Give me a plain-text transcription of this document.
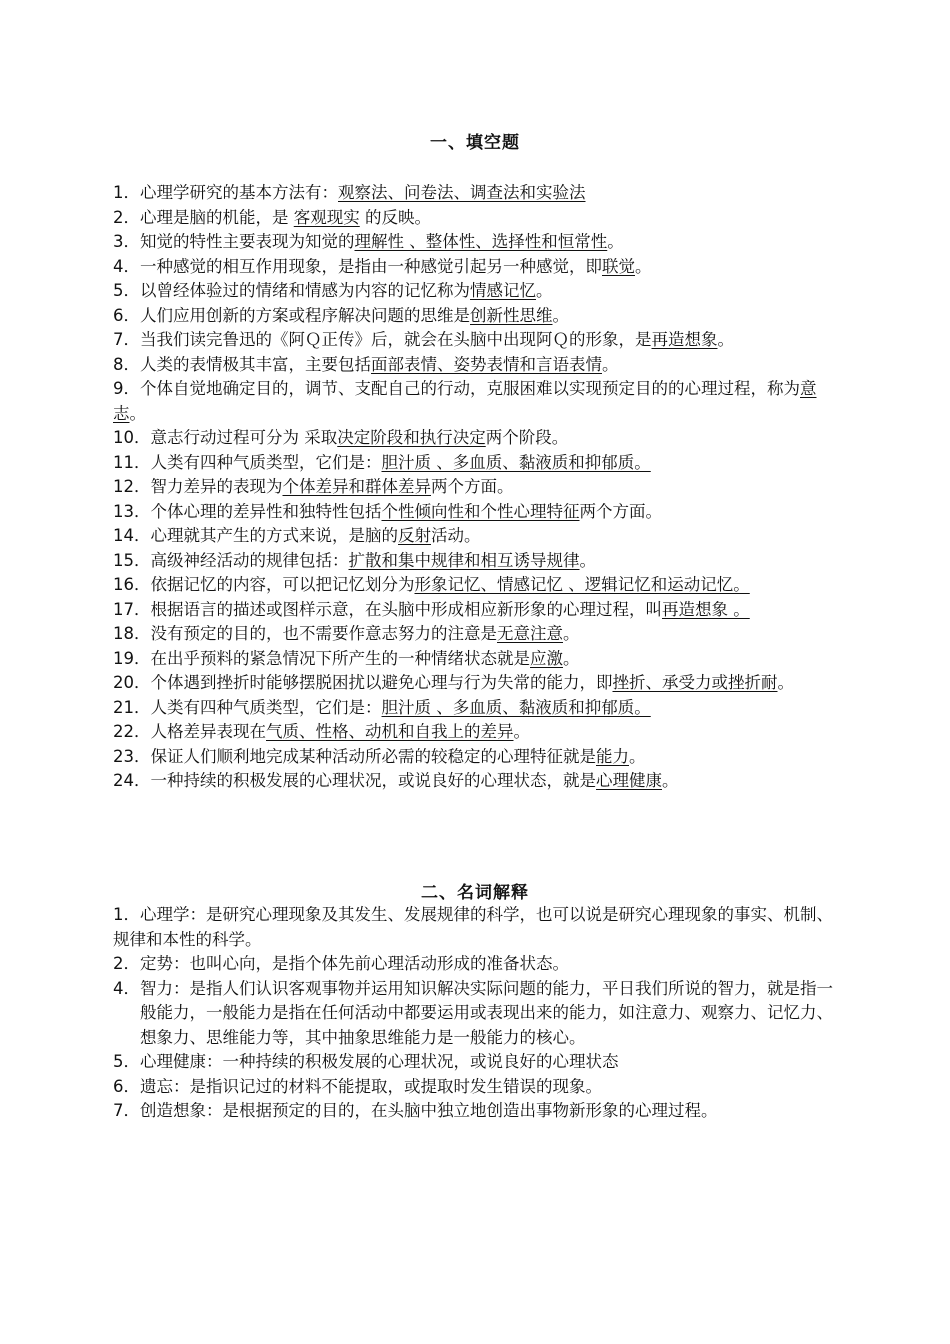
一、填空题
1．心理学研究的基本方法有：观察法、问卷法、调查法和实验法
2．心理是脑的机能，是 客观现实 的反映。
3．知觉的特性主要表现为知觉的理解性 、整体性、选择性和恒常性。
4．一种感觉的相互作用现象，是指由一种感觉引起另一种感觉，即联觉。
5．以曾经体验过的情绪和情感为内容的记忆称为情感记忆。
6．人们应用创新的方案或程序解决问题的思维是创新性思维。
7．当我们读完鲁迅的《阿Ｑ正传》后，就会在头脑中出现阿Ｑ的形象，是再造想象。
8．人类的表情极其丰富，主要包括面部表情、姿势表情和言语表情。
9．个体自觉地确定目的，调节、支配自己的行动，克服困难以实现预定目的的心理过程，称为意志。
10．意志行动过程可分为 采取决定阶段和执行决定两个阶段。
11．人类有四种气质类型，它们是：胆汁质 、多血质、黏液质和抑郁质。
12．智力差异的表现为个体差异和群体差异两个方面。
13．个体心理的差异性和独特性包括个性倾向性和个性心理特征两个方面。
14．心理就其产生的方式来说，是脑的反射活动。
15．高级神经活动的规律包括：扩散和集中规律和相互诱导规律。
16．依据记忆的内容，可以把记忆划分为形象记忆、情感记忆 、逻辑记忆和运动记忆。
17．根据语言的描述或图样示意，在头脑中形成相应新形象的心理过程，叫再造想象 。
18．没有预定的目的，也不需要作意志努力的注意是无意注意。
19．在出乎预料的紧急情况下所产生的一种情绪状态就是应激。
20．个体遇到挫折时能够摆脱困扰以避免心理与行为失常的能力，即挫折、承受力或挫折耐。
21．人类有四种气质类型，它们是：胆汁质 、多血质、黏液质和抑郁质。
22．人格差异表现在气质、性格、动机和自我上的差异。
23．保证人们顺利地完成某种活动所必需的较稳定的心理特征就是能力。
24．一种持续的积极发展的心理状况，或说良好的心理状态，就是心理健康。
二、名词解释
1．心理学：是研究心理现象及其发生、发展规律的科学，也可以说是研究心理现象的事实、机制、规律和本性的科学。
2．定势：也叫心向，是指个体先前心理活动形成的准备状态。
4． 智力：是指人们认识客观事物并运用知识解决实际问题的能力，平日我们所说的智力，就是指一般能力，一般能力是指在任何活动中都要运用或表现出来的能力，如注意力、观察力、记忆力、想象力、思维能力等，其中抽象思维能力是一般能力的核心。
5． 心理健康：一种持续的积极发展的心理状况，或说良好的心理状态
6． 遗忘：是指识记过的材料不能提取，或提取时发生错误的现象。
7． 创造想象：是根据预定的目的，在头脑中独立地创造出事物新形象的心理过程。
